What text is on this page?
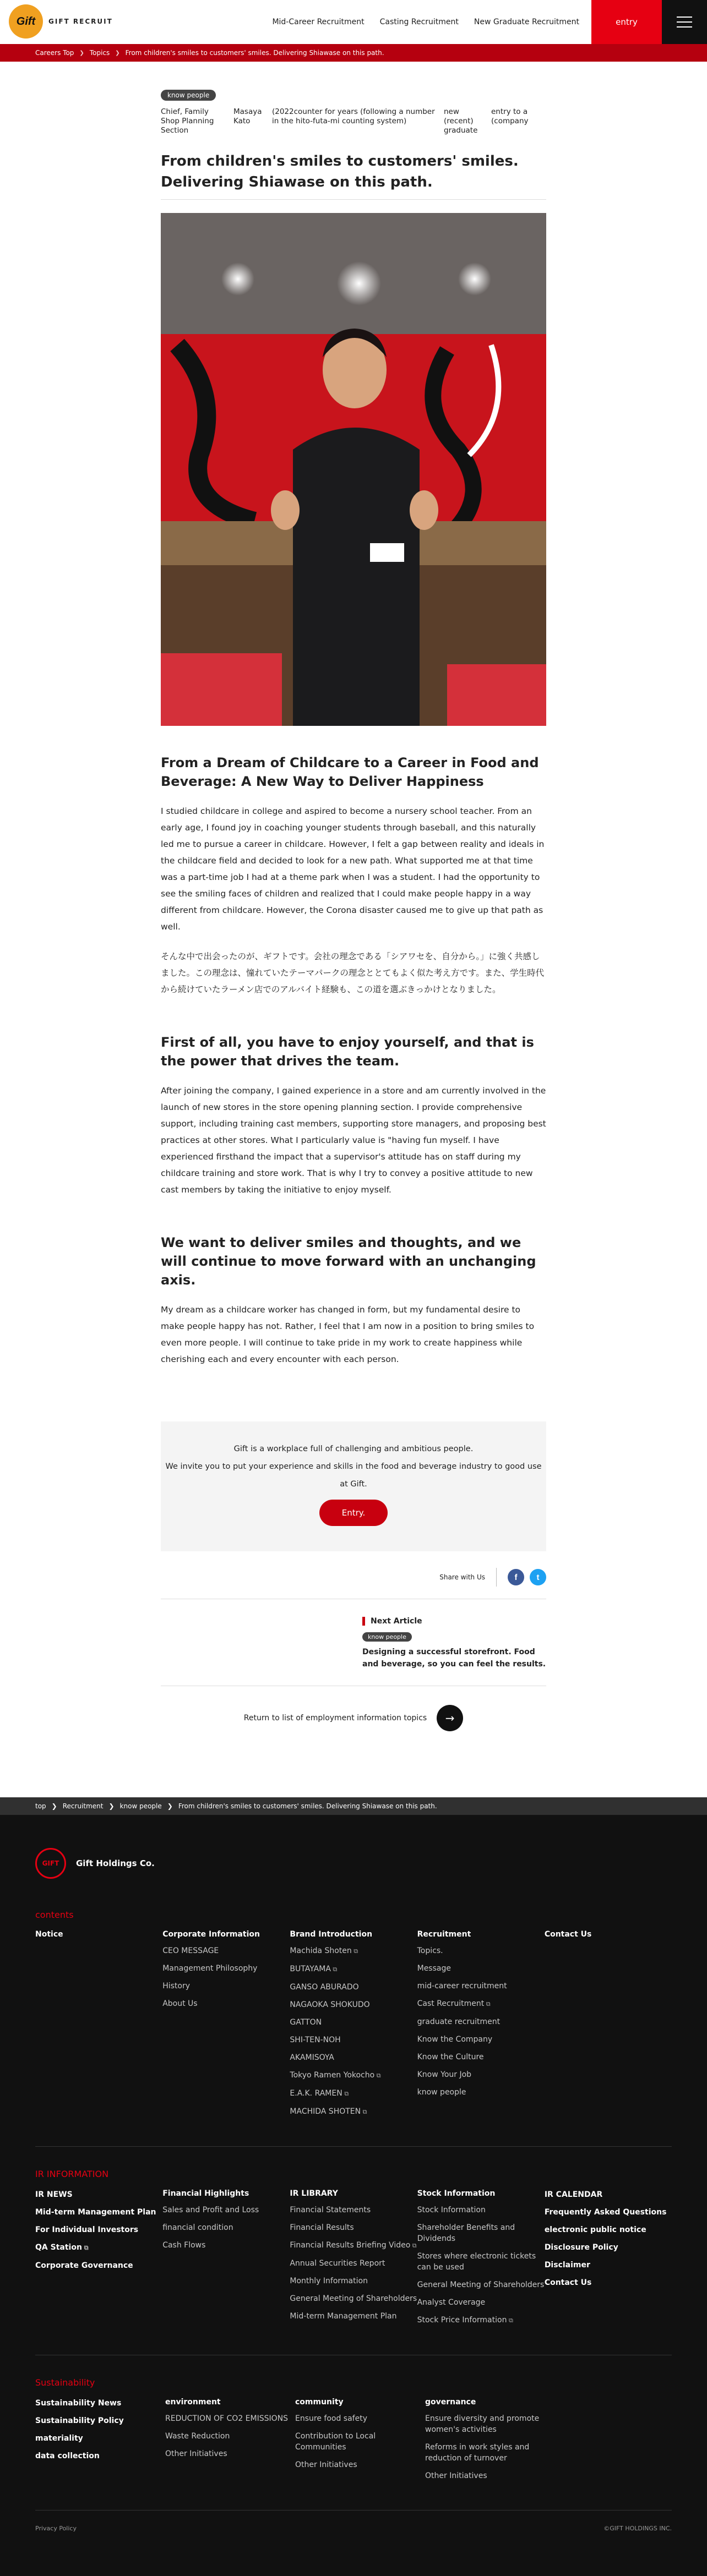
Gift	GIFT RECRUIT	Mid-Career Recruitment Casting Recruitment New Graduate Recruitment	entry
Careers Top ❯ Topics ❯ From children's smiles to customers' smiles. Delivering Shiawase on this path.
know people
Chief, Family Shop Planning Section
Masaya Kato
(2022counter for years (following a number in the hito-futa-mi counting system)
new (recent) graduate
entry to a (company
From children's smiles to customers' smiles. Delivering Shiawase on this path.
From a Dream of Childcare to a Career in Food and Beverage: A New Way to Deliver Happiness

I studied childcare in college and aspired to become a nursery school teacher. From an early age, I found joy in coaching younger students through baseball, and this naturally led me to pursue a career in childcare. However, I felt a gap between reality and ideals in the childcare field and decided to look for a new path. What supported me at that time was a part-time job I had at a theme park when I was a student. I had the opportunity to see the smiling faces of children and realized that I could make people happy in a way different from childcare. However, the Corona disaster caused me to give up that path as well.

そんな中で出会ったのが、ギフトです。会社の理念である「シアワセを、自分から。」に強く共感しました。この理念は、憧れていたテーマパークの理念ととてもよく似た考え方です。また、学生時代から続けていたラーメン店でのアルバイト経験も、この道を選ぶきっかけとなりました。

First of all, you have to enjoy yourself, and that is the power that drives the team.

After joining the company, I gained experience in a store and am currently involved in the launch of new stores in the store opening planning section. I provide comprehensive support, including training cast members, supporting store managers, and proposing best practices at other stores. What I particularly value is "having fun myself. I have experienced firsthand the impact that a supervisor's attitude has on staff during my childcare training and store work. That is why I try to convey a positive attitude to new cast members by taking the initiative to enjoy myself.

We want to deliver smiles and thoughts, and we will continue to move forward with an unchanging axis.

My dream as a childcare worker has changed in form, but my fundamental desire to make people happy has not. Rather, I feel that I am now in a position to bring smiles to even more people. I will continue to take pride in my work to create happiness while cherishing each and every encounter with each person.

Gift is a workplace full of challenging and ambitious people.
We invite you to put your experience and skills in the food and beverage industry to good use at Gift.
Entry.
Share with Us	f	t
Next Article
know people
Designing a successful storefront. Food and beverage, so you can feel the results.
Return to list of employment information topics	→
top ❯ Recruitment ❯ know people ❯ From children's smiles to customers' smiles. Delivering Shiawase on this path.
GIFT	Gift Holdings Co.
contents
Notice	Corporate Information
CEO MESSAGE
Management Philosophy
History
About Us
Brand Introduction
Machida Shoten ⧉
BUTAYAMA ⧉
GANSO ABURADO
NAGAOKA SHOKUDO
GATTON
SHI-TEN-NOH
AKAMISOYA
Tokyo Ramen Yokocho ⧉
E.A.K. RAMEN ⧉
MACHIDA SHOTEN ⧉
Recruitment
Topics.
Message
mid-career recruitment
Cast Recruitment ⧉
graduate recruitment
Know the Company
Know the Culture
Know Your Job
know people
Contact Us
IR INFORMATION
IR NEWS
Mid-term Management Plan
For Individual Investors
QA Station ⧉
Corporate Governance
Financial Highlights
Sales and Profit and Loss
financial condition
Cash Flows
IR LIBRARY
Financial Statements
Financial Results
Financial Results Briefing Video ⧉
Annual Securities Report
Monthly Information
General Meeting of Shareholders
Mid-term Management Plan
Stock Information
Stock Information
Shareholder Benefits and Dividends
Stores where electronic tickets can be used
General Meeting of Shareholders
Analyst Coverage
Stock Price Information ⧉
IR CALENDAR
Frequently Asked Questions
electronic public notice
Disclosure Policy
Disclaimer
Contact Us
Sustainability
Sustainability News
Sustainability Policy
materiality
data collection
environment
REDUCTION OF CO2 EMISSIONS
Waste Reduction
Other Initiatives
community
Ensure food safety
Contribution to Local Communities
Other Initiatives
governance
Ensure diversity and promote women's activities
Reforms in work styles and reduction of turnover
Other Initiatives
Privacy Policy	©GIFT HOLDINGS INC.
